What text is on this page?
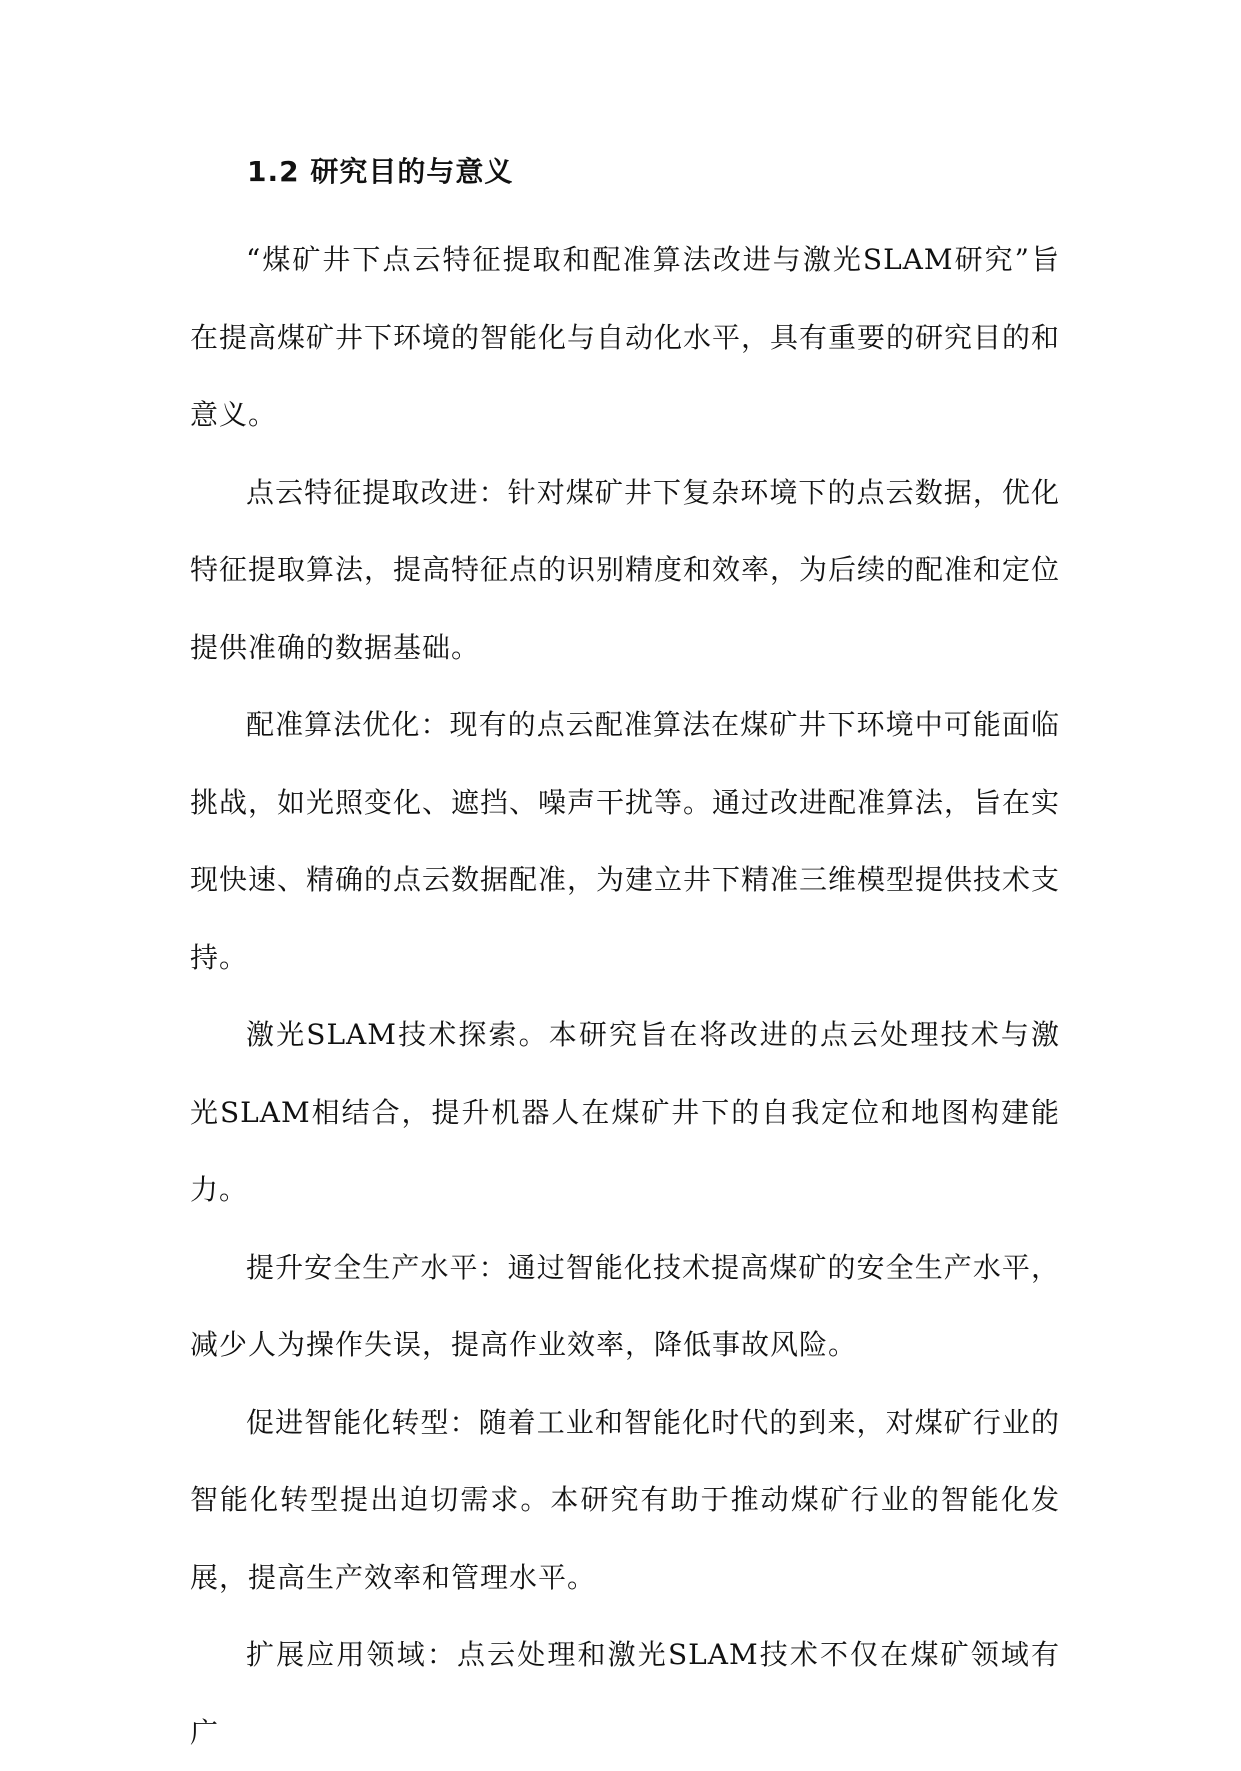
1.2 研究目的与意义

“煤矿井下点云特征提取和配准算法改进与激光SLAM研究”旨在提高煤矿井下环境的智能化与自动化水平，具有重要的研究目的和意义。

点云特征提取改进：针对煤矿井下复杂环境下的点云数据，优化特征提取算法，提高特征点的识别精度和效率，为后续的配准和定位提供准确的数据基础。

配准算法优化：现有的点云配准算法在煤矿井下环境中可能面临挑战，如光照变化、遮挡、噪声干扰等。通过改进配准算法，旨在实现快速、精确的点云数据配准，为建立井下精准三维模型提供技术支持。

激光SLAM技术探索。本研究旨在将改进的点云处理技术与激光SLAM相结合，提升机器人在煤矿井下的自我定位和地图构建能力。

提升安全生产水平：通过智能化技术提高煤矿的安全生产水平，减少人为操作失误，提高作业效率，降低事故风险。

促进智能化转型：随着工业和智能化时代的到来，对煤矿行业的智能化转型提出迫切需求。本研究有助于推动煤矿行业的智能化发展，提高生产效率和管理水平。

扩展应用领域：点云处理和激光SLAM技术不仅在煤矿领域有广
